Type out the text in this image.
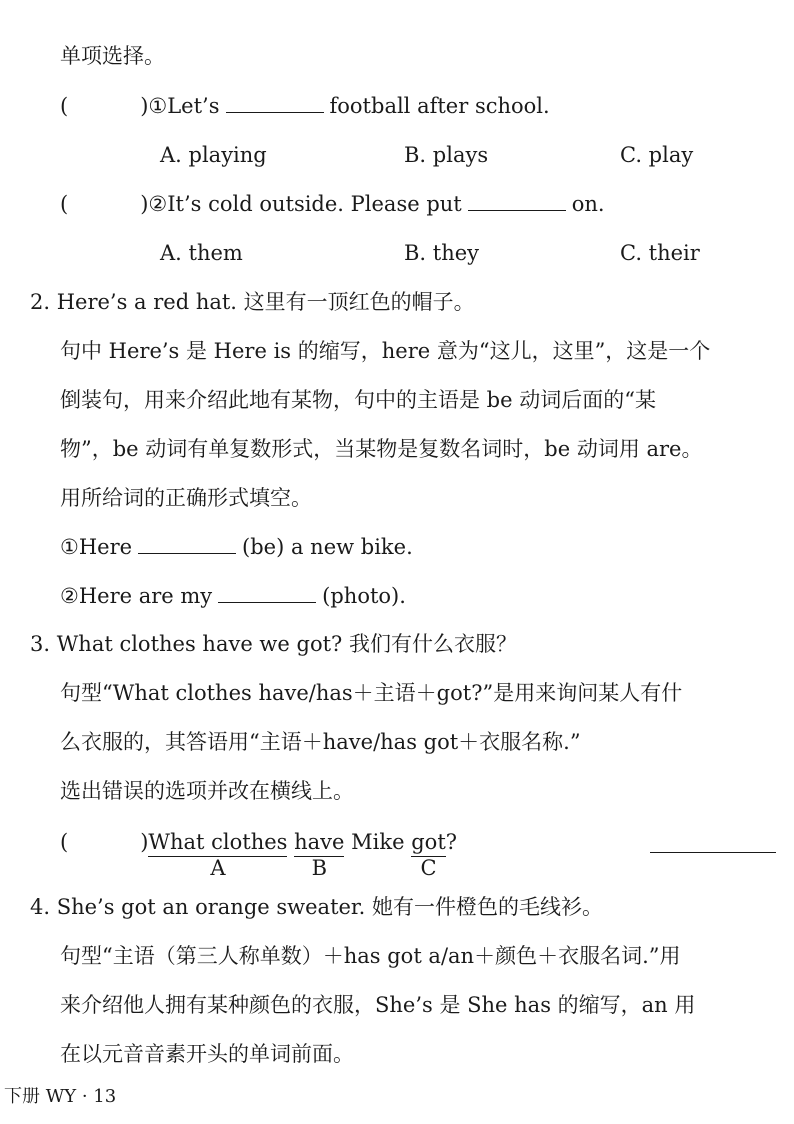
单项选择。
(	)①Let’s	football after school.
A. playing	B. plays	C. play
(	)②It’s cold outside. Please put	on.
A. them	B. they	C. their
2. Here’s a red hat. 这里有一顶红色的帽子。
句中 Here’s 是 Here is 的缩写，here 意为“这儿，这里”，这是一个
倒装句，用来介绍此地有某物，句中的主语是 be 动词后面的“某
物”，be 动词有单复数形式，当某物是复数名词时，be 动词用 are。
用所给词的正确形式填空。
①Here	(be) a new bike.
②Here are my	(photo).
3. What clothes have we got? 我们有什么衣服？
句型“What clothes have/has＋主语＋got?”是用来询问某人有什
么衣服的，其答语用“主语＋have/has got＋衣服名称.”
选出错误的选项并改在横线上。
(	)What clothes
A
have
B
Mike got
C
?
4. She’s got an orange sweater. 她有一件橙色的毛线衫。
句型“主语（第三人称单数）＋has got a/an＋颜色＋衣服名词.”用
来介绍他人拥有某种颜色的衣服，She’s 是 She has 的缩写，an 用
在以元音音素开头的单词前面。
下册 WY · 13
